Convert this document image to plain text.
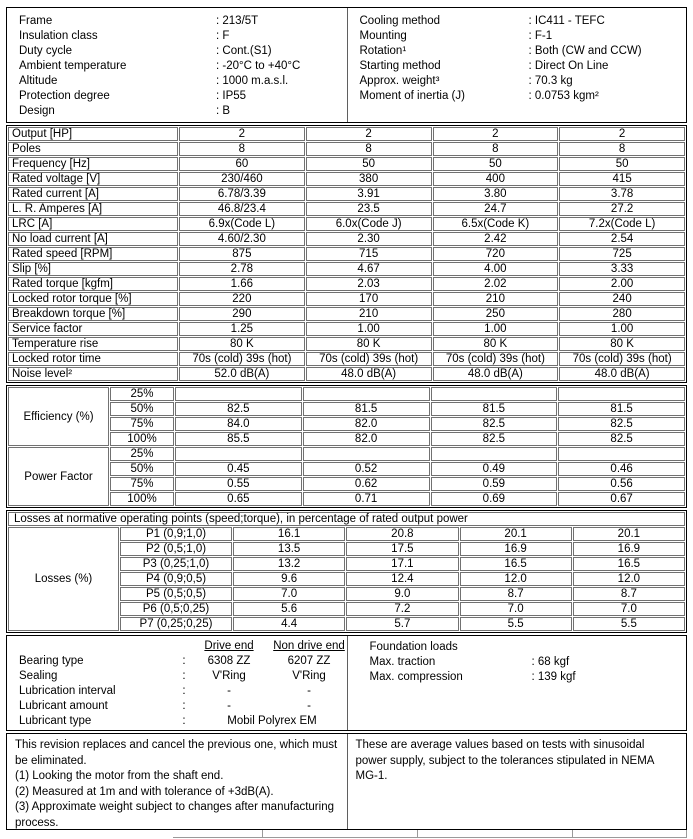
Frame	: 213/5T
Insulation class	: F
Duty cycle	: Cont.(S1)
Ambient temperature	: -20°C to +40°C
Altitude	: 1000 m.a.s.l.
Protection degree	: IP55
Design	: B
Cooling method	: IC411 - TEFC
Mounting	: F-1
Rotation¹	: Both (CW and CCW)
Starting method	: Direct On Line
Approx. weight³	: 70.3 kg
Moment of inertia (J)	: 0.0753 kgm²
Output [HP]	2	2	2	2
Poles	8	8	8	8
Frequency [Hz]	60	50	50	50
Rated voltage [V]	230/460	380	400	415
Rated current [A]	6.78/3.39	3.91	3.80	3.78
L. R. Amperes [A]	46.8/23.4	23.5	24.7	27.2
LRC [A]	6.9x(Code L)	6.0x(Code J)	6.5x(Code K)	7.2x(Code L)
No load current [A]	4.60/2.30	2.30	2.42	2.54
Rated speed [RPM]	875	715	720	725
Slip [%]	2.78	4.67	4.00	3.33
Rated torque [kgfm]	1.66	2.03	2.02	2.00
Locked rotor torque [%]	220	170	210	240
Breakdown torque [%]	290	210	250	280
Service factor	1.25	1.00	1.00	1.00
Temperature rise	80 K	80 K	80 K	80 K
Locked rotor time	70s (cold) 39s (hot)	70s (cold) 39s (hot)	70s (cold) 39s (hot)	70s (cold) 39s (hot)
Noise level²	52.0 dB(A)	48.0 dB(A)	48.0 dB(A)	48.0 dB(A)
Efficiency (%)	25%				
	50%	82.5	81.5	81.5	81.5
	75%	84.0	82.0	82.5	82.5
	100%	85.5	82.0	82.5	82.5
Power Factor	25%				
	50%	0.45	0.52	0.49	0.46
	75%	0.55	0.62	0.59	0.56
	100%	0.65	0.71	0.69	0.67
Losses at normative operating points (speed;torque), in percentage of rated output power					
Losses (%)	P1 (0,9;1,0)	16.1	20.8	20.1	20.1
	P2 (0,5;1,0)	13.5	17.5	16.9	16.9
	P3 (0,25;1,0)	13.2	17.1	16.5	16.5
	P4 (0,9;0,5)	9.6	12.4	12.0	12.0
	P5 (0,5;0,5)	7.0	9.0	8.7	8.7
	P6 (0,5;0,25)	5.6	7.2	7.0	7.0
	P7 (0,25;0,25)	4.4	5.7	5.5	5.5
		Drive end	Non drive end
Bearing type	:	6308 ZZ	6207 ZZ
Sealing	:	V'Ring	V'Ring
Lubrication interval	:	-	-
Lubricant amount	:	-	-
Lubricant type	:	Mobil Polyrex EM	
Foundation loads
Max. traction	: 68 kgf
Max. compression	: 139 kgf

This revision replaces and cancel the previous one, which must be eliminated.

(1) Looking the motor from the shaft end.

(2) Measured at 1m and with tolerance of +3dB(A).

(3) Approximate weight subject to changes after manufacturing process.

These are average values based on tests with sinusoidal power supply, subject to the tolerances stipulated in NEMA MG-1.
